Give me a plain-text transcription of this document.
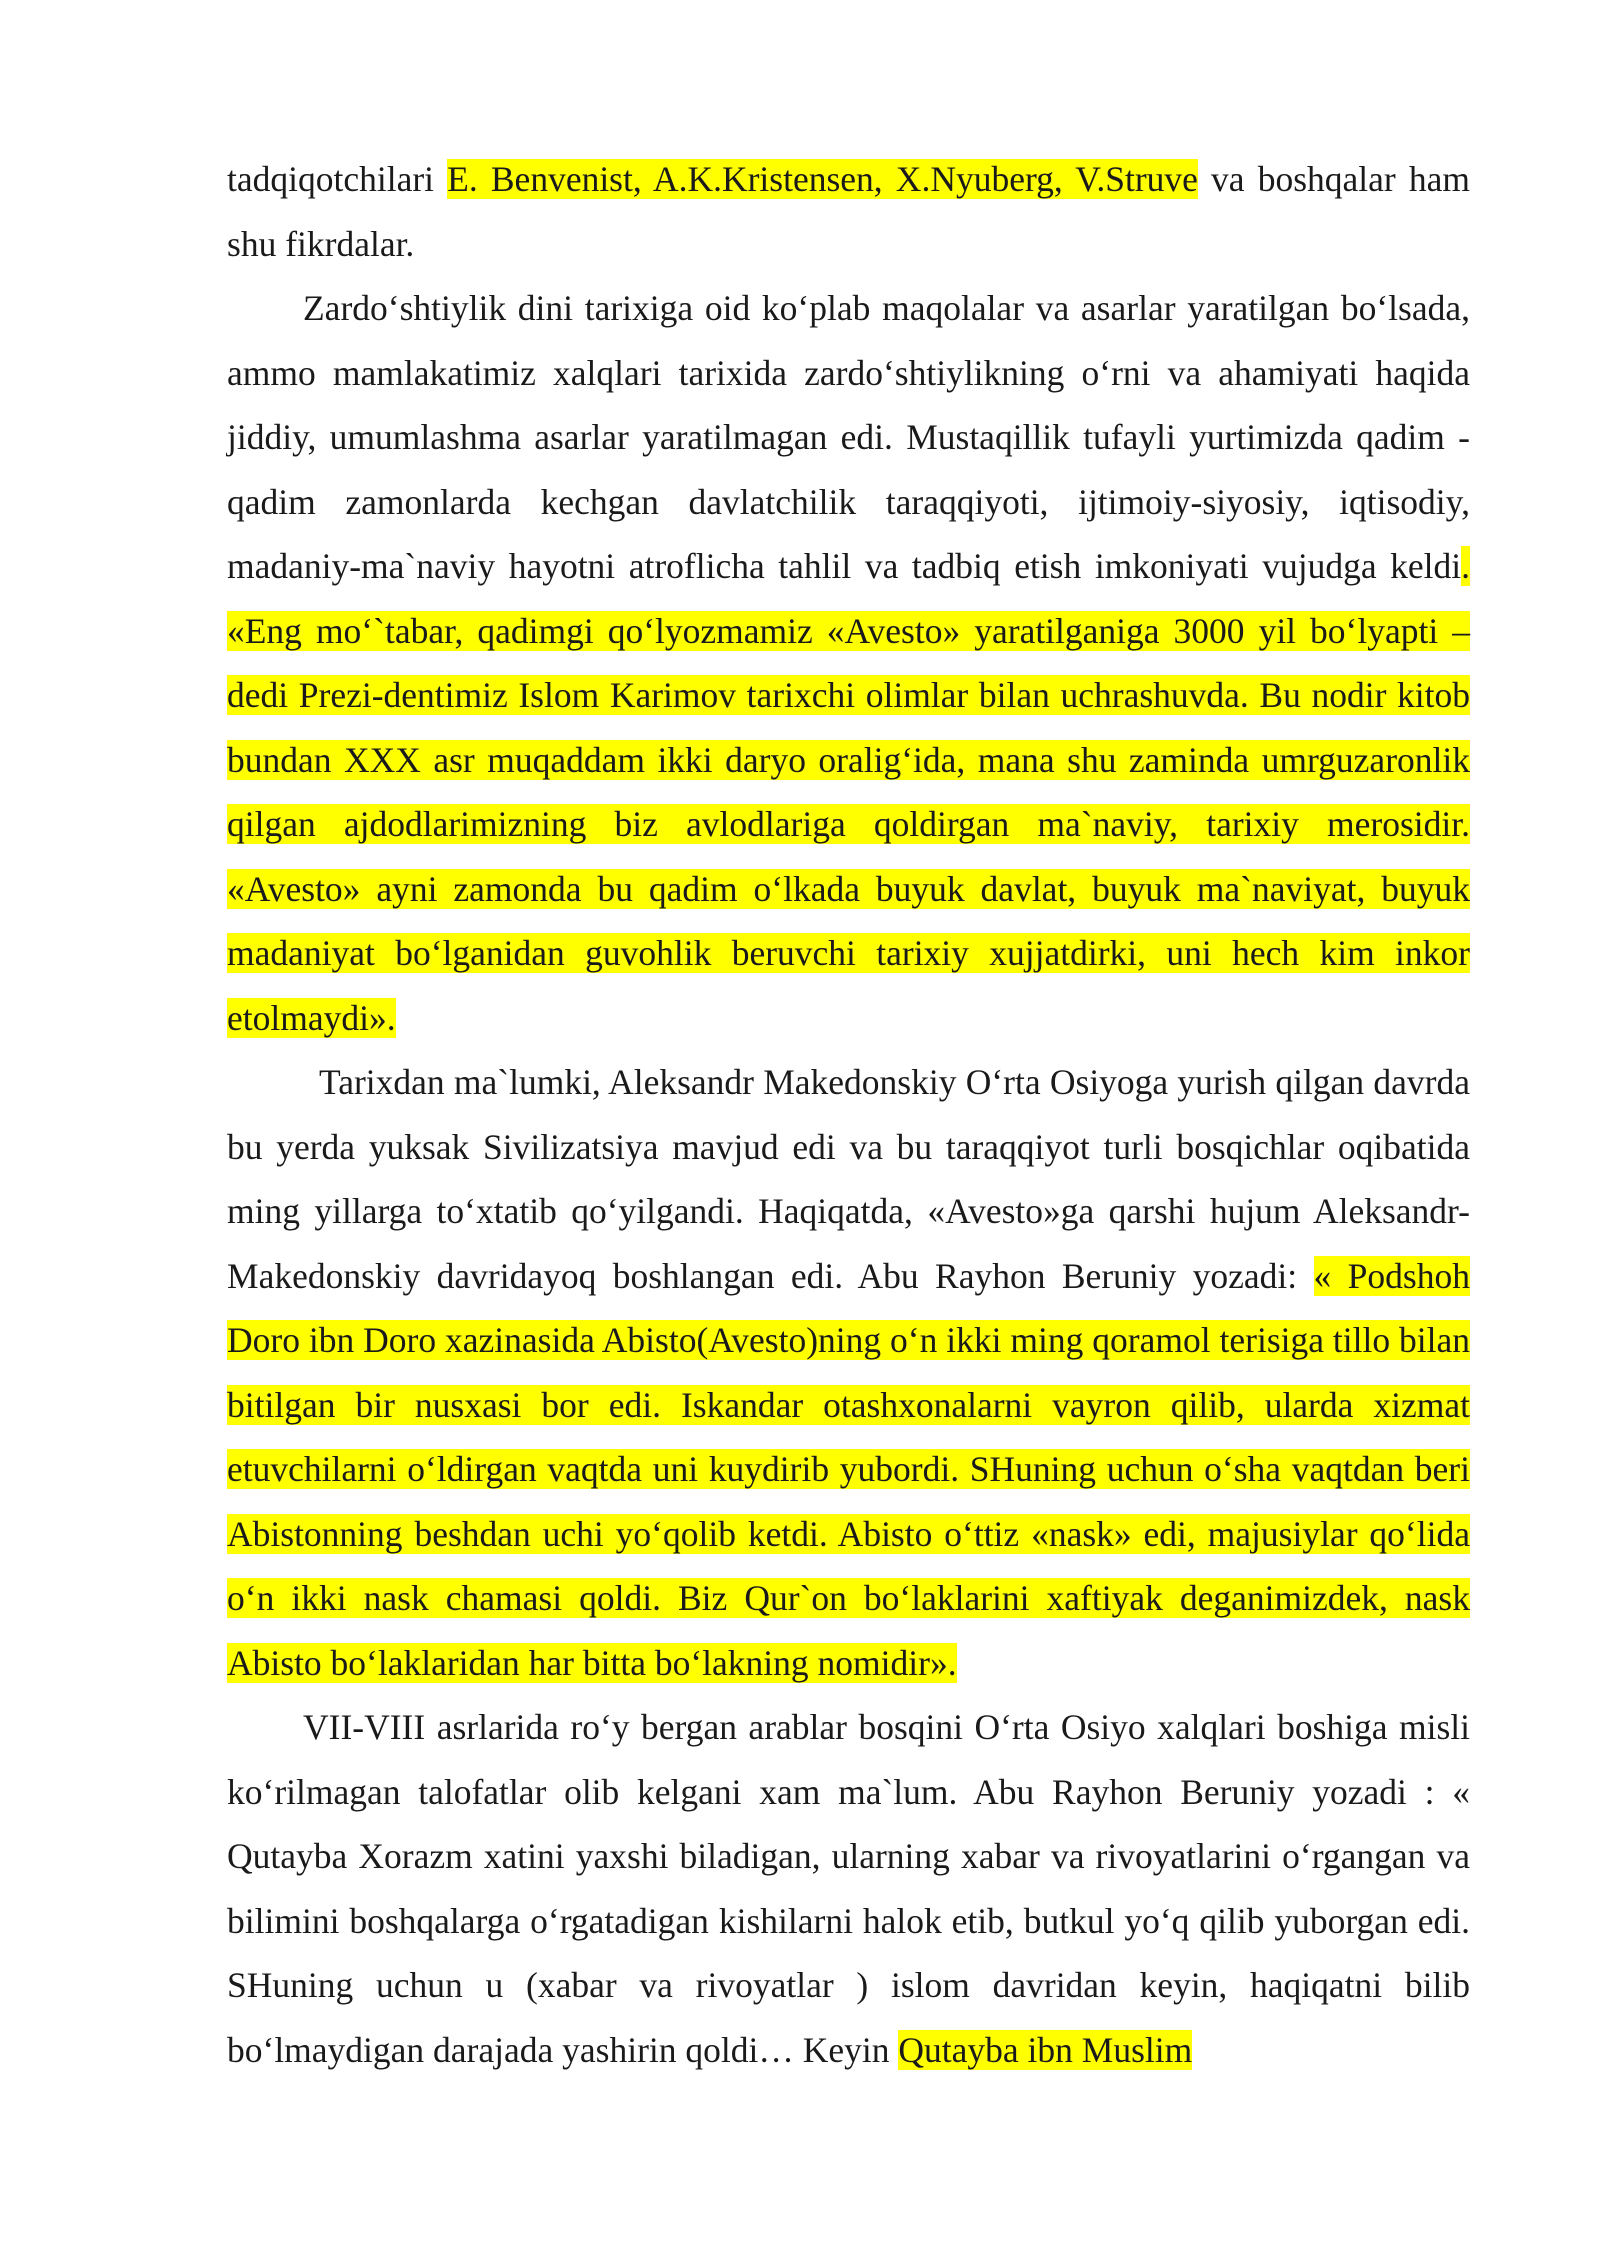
tadqiqotchilari E. Benvenist, A.K.Kristensen, X.Nyuberg, V.Struve va boshqalar ham shu fikrdalar.

Zardo‘shtiylik dini tarixiga oid ko‘plab maqolalar va asarlar yaratilgan bo‘lsada, ammo mamlakatimiz xalqlari tarixida zardo‘shtiylikning o‘rni va ahamiyati haqida jiddiy, umumlashma asarlar yaratilmagan edi. Mustaqillik tufayli yurtimizda qadim -qadim zamonlarda kechgan davlatchilik taraqqiyoti, ijtimoiy-siyosiy, iqtisodiy, madaniy-ma`naviy hayotni atroflicha tahlil va tadbiq etish imkoniyati vujudga keldi. «Eng mo‘`tabar, qadimgi qo‘lyozmamiz «Avesto» yaratilganiga 3000 yil bo‘lyapti – dedi Prezi-dentimiz Islom Karimov tarixchi olimlar bilan uchrashuvda. Bu nodir kitob bundan XXX asr muqaddam ikki daryo oralig‘ida, mana shu zaminda umrguzaronlik qilgan ajdodlarimizning biz avlodlariga qoldirgan ma`naviy, tarixiy merosidir. «Avesto» ayni zamonda bu qadim o‘lkada buyuk davlat, buyuk ma`naviyat, buyuk madaniyat bo‘lganidan guvohlik beruvchi tarixiy xujjatdirki, uni hech kim inkor etolmaydi».

Tarixdan ma`lumki, Aleksandr Makedonskiy O‘rta Osiyoga yurish qilgan davrda bu yerda yuksak Sivilizatsiya mavjud edi va bu taraqqiyot turli bosqichlar oqibatida ming yillarga to‘xtatib qo‘yilgandi. Haqiqatda, «Avesto»ga qarshi hujum Aleksandr-Makedonskiy davridayoq boshlangan edi. Abu Rayhon Beruniy yozadi: « Podshoh Doro ibn Doro xazinasida Abisto(Avesto)ning o‘n ikki ming qoramol terisiga tillo bilan bitilgan bir nusxasi bor edi. Iskandar otashxonalarni vayron qilib, ularda xizmat etuvchilarni o‘ldirgan vaqtda uni kuydirib yubordi. SHuning uchun o‘sha vaqtdan beri Abistonning beshdan uchi yo‘qolib ketdi. Abisto o‘ttiz «nask» edi, majusiylar qo‘lida o‘n ikki nask chamasi qoldi. Biz Qur`on bo‘laklarini xaftiyak deganimizdek, nask Abisto bo‘laklaridan har bitta bo‘lakning nomidir».

VII-VIII asrlarida ro‘y bergan arablar bosqini O‘rta Osiyo xalqlari boshiga misli ko‘rilmagan talofatlar olib kelgani xam ma`lum. Abu Rayhon Beruniy yozadi : « Qutayba Xorazm xatini yaxshi biladigan, ularning xabar va rivoyatlarini o‘rgangan va bilimini boshqalarga o‘rgatadigan kishilarni halok etib, butkul yo‘q qilib yuborgan edi. SHuning uchun u (xabar va rivoyatlar ) islom davridan keyin, haqiqatni bilib bo‘lmaydigan darajada yashirin qoldi… Keyin Qutayba ibn Muslim
